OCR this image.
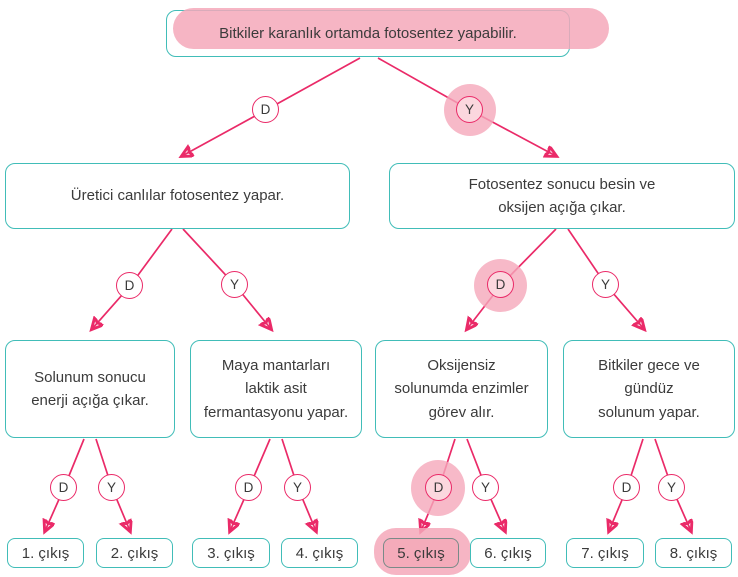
D	Y
D	Y	D	Y
D	Y	D	Y	D	Y	D	Y
Bitkiler karanlık ortamda fotosentez yapabilir.
Üretici canlılar fotosentez yapar.
Fotosentez sonucu besin ve
oksijen açığa çıkar.
Solunum sonucu
enerji açığa çıkar.
Maya mantarları
laktik asit
fermantasyonu yapar.
Oksijensiz
solunumda enzimler
görev alır.
Bitkiler gece ve
gündüz
solunum yapar.
1. çıkış	2. çıkış	3. çıkış	4. çıkış	5. çıkış	6. çıkış	7. çıkış	8. çıkış
